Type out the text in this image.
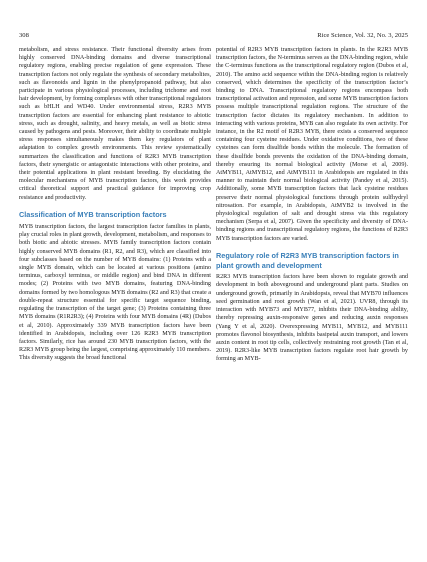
308	Rice Science, Vol. 32, No. 3, 2025

metabolism, and stress resistance. Their functional diversity arises from highly conserved DNA-binding domains and diverse transcriptional regulatory regions, enabling precise regulation of gene expression. These transcription factors not only regulate the synthesis of secondary metabolites, such as flavonoids and lignin in the phenylpropanoid pathway, but also participate in various physiological processes, including trichome and root hair development, by forming complexes with other transcriptional regulators such as bHLH and WD40. Under environmental stress, R2R3 MYB transcription factors are essential for enhancing plant resistance to abiotic stress, such as drought, salinity, and heavy metals, as well as biotic stress caused by pathogens and pests. Moreover, their ability to coordinate multiple stress responses simultaneously makes them key regulators of plant adaptation to complex growth environments. This review systematically summarizes the classification and functions of R2R3 MYB transcription factors, their synergistic or antagonistic interactions with other proteins, and their potential applications in plant resistant breeding. By elucidating the molecular mechanisms of MYB transcription factors, this work provides critical theoretical support and practical guidance for improving crop resistance and productivity.

Classification of MYB transcription factors

MYB transcription factors, the largest transcription factor families in plants, play crucial roles in plant growth, development, metabolism, and responses to both biotic and abiotic stresses. MYB family transcription factors contain highly conserved MYB domains (R1, R2, and R3), which are classified into four subclasses based on the number of MYB domains: (1) Proteins with a single MYB domain, which can be located at various positions (amino terminus, carboxyl terminus, or middle region) and bind DNA in different modes; (2) Proteins with two MYB domains, featuring DNA-binding domains formed by two homologous MYB domains (R2 and R3) that create a double-repeat structure essential for specific target sequence binding, regulating the transcription of the target gene; (3) Proteins containing three MYB domains (R1R2R3); (4) Proteins with four MYB domains (4R) (Dubos et al, 2010). Approximately 339 MYB transcription factors have been identified in Arabidopsis, including over 126 R2R3 MYB transcription factors. Similarly, rice has around 230 MYB transcription factors, with the R2R3 MYB group being the largest, comprising approximately 110 members. This diversity suggests the broad functional

potential of R2R3 MYB transcription factors in plants. In the R2R3 MYB transcription factors, the N-terminus serves as the DNA-binding region, while the C-terminus functions as the transcriptional regulatory region (Dubos et al, 2010). The amino acid sequence within the DNA-binding region is relatively conserved, which determines the specificity of the transcription factor’s binding to DNA. Transcriptional regulatory regions encompass both transcriptional activation and repression, and some MYB transcription factors possess multiple transcriptional regulation regions. The structure of the transcription factor dictates its regulatory mechanism. In addition to interacting with various proteins, MYB can also regulate its own activity. For instance, in the R2 motif of R2R3 MYB, there exists a conserved sequence containing four cysteine residues. Under oxidative conditions, two of these cysteines can form disulfide bonds within the molecule. The formation of these disulfide bonds prevents the oxidation of the DNA-binding domain, thereby ensuring its normal biological activity (Morse et al, 2009). AtMYB11, AtMYB12, and AtMYB111 in Arabidopsis are regulated in this manner to maintain their normal biological activity (Pandey et al, 2015). Additionally, some MYB transcription factors that lack cysteine residues preserve their normal physiological functions through protein sulfhydryl nitrosation. For example, in Arabidopsis, AtMYB2 is involved in the physiological regulation of salt and drought stress via this regulatory mechanism (Serpa et al, 2007). Given the specificity and diversity of DNA-binding regions and transcriptional regulatory regions, the functions of R2R3 MYB transcription factors are varied.

Regulatory role of R2R3 MYB transcription factors in plant growth and development

R2R3 MYB transcription factors have been shown to regulate growth and development in both aboveground and underground plant parts. Studies on underground growth, primarily in Arabidopsis, reveal that MYB70 influences seed germination and root growth (Wan et al, 2021). UVR8, through its interaction with MYB73 and MYB77, inhibits their DNA-binding ability, thereby repressing auxin-responsive genes and reducing auxin responses (Yang Y et al, 2020). Overexpressing MYB11, MYB12, and MYB111 promotes flavonol biosynthesis, inhibits basipetal auxin transport, and lowers auxin content in root tip cells, collectively restraining root growth (Tan et al, 2019). R2R3-like MYB transcription factors regulate root hair growth by forming an MYB-
